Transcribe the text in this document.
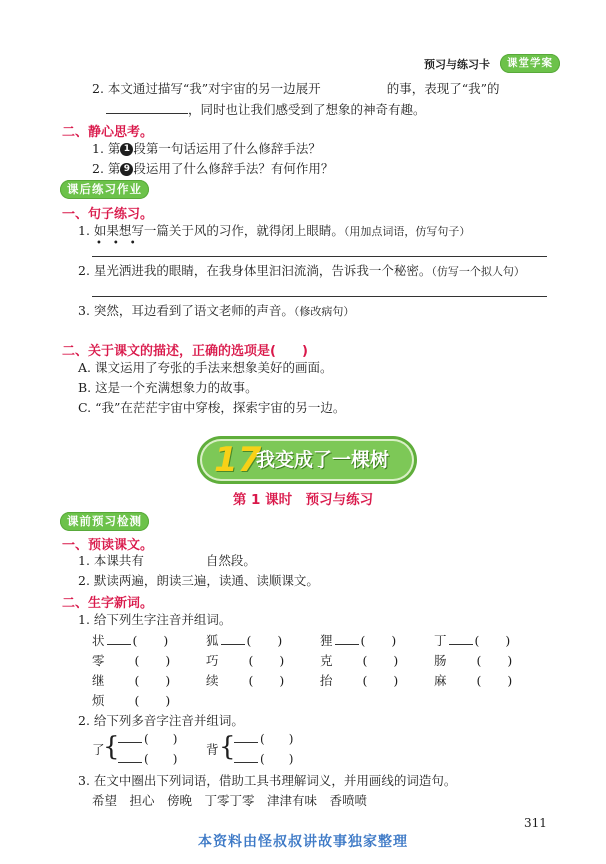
预习与练习卡	课堂学案
2. 本文通过描写“我”对宇宙的另一边展开	的事，表现了“我”的
，同时也让我们感受到了想象的神奇有趣。
二、静心思考。
1. 第 1 段第一句话运用了什么修辞手法？
2. 第 9 段运用了什么修辞手法？有何作用？
课后练习作业
一、句子练习。
1. 如果想写一篇关于风的习作，就得闭上眼睛。（用加点词语，仿写句子）
•••
2. 星光洒进我的眼睛，在我身体里汩汩流淌，告诉我一个秘密。（仿写一个拟人句）
3. 突然，耳边看到了语文老师的声音。（修改病句）
二、关于课文的描述，正确的选项是( )
A. 课文运用了夸张的手法来想象美好的画面。
B. 这是一个充满想象力的故事。
C. “我”在茫茫宇宙中穿梭，探索宇宙的另一边。
17
我变成了一棵树
第 1 课时　预习与练习
课前预习检测
一、预读课文。
1. 本课共有	自然段。
2. 默读两遍，朗读三遍，读通、读顺课文。
二、生字新词。
1. 给下列生字注音并组词。
状 ( )	狐 ( )	狸 ( )	丁 ( )
零 ( )	巧 ( )	克 ( )	肠 ( )
继 ( )	续 ( )	抬 ( )	麻 ( )
烦 ( )
2. 给下列多音字注音并组词。
了
{	( )
( )
背 {	( )
( )
3. 在文中圈出下列词语，借助工具书理解词义，并用画线的词造句。
希望　担心　傍晚　丁零丁零　津津有味　香喷喷
311
本资料由怪叔叔讲故事独家整理
